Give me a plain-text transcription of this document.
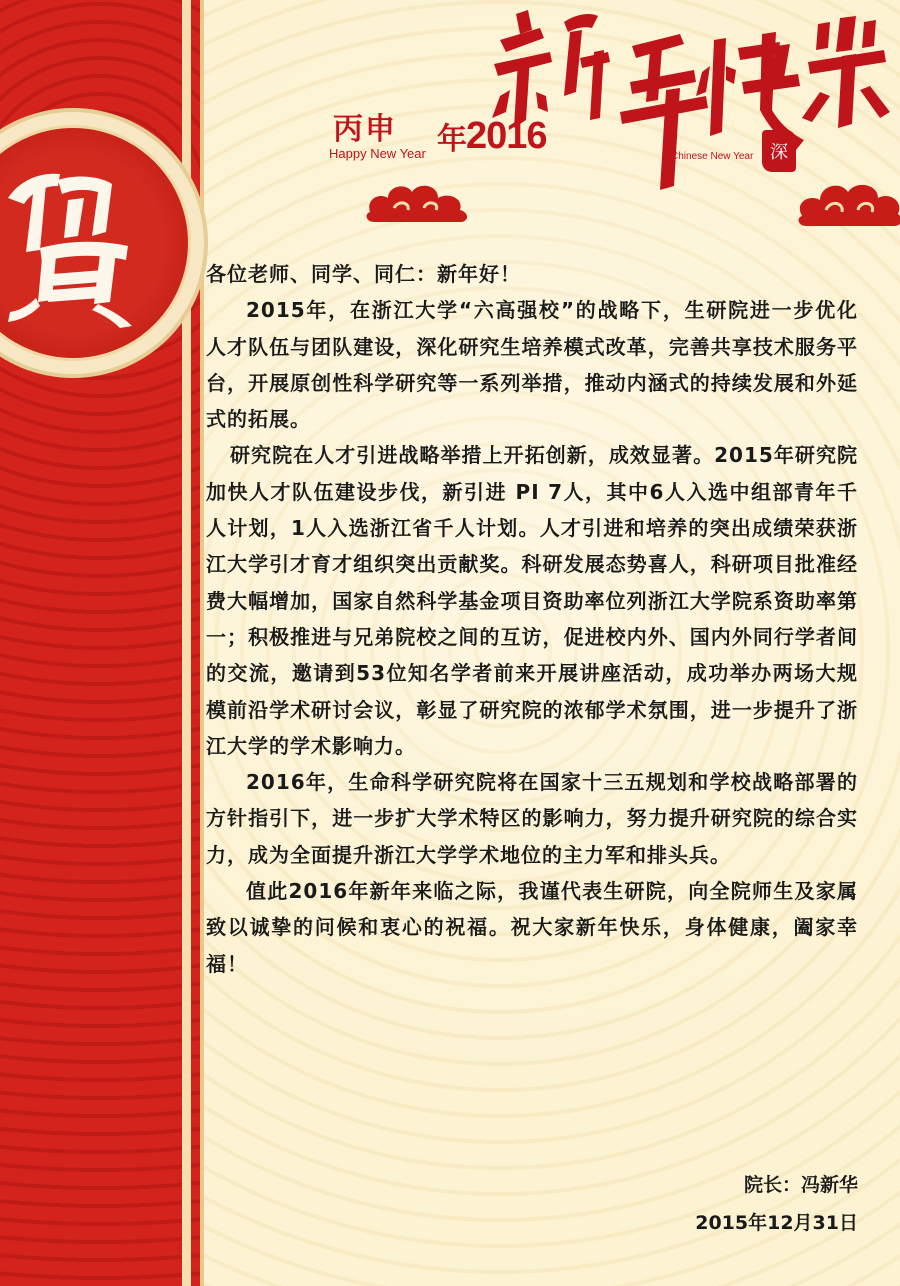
丙申
Happy New Year 年 2016	Chinese New Year 深

各位老师、同学、同仁：新年好！

2015年，在浙江大学“六高强校”的战略下，生研院进一步优化人才队伍与团队建设，深化研究生培养模式改革，完善共享技术服务平台，开展原创性科学研究等一系列举措，推动内涵式的持续发展和外延式的拓展。

研究院在人才引进战略举措上开拓创新，成效显著。2015年研究院加快人才队伍建设步伐，新引进 PI 7人，其中6人入选中组部青年千人计划，1人入选浙江省千人计划。人才引进和培养的突出成绩荣获浙江大学引才育才组织突出贡献奖。科研发展态势喜人，科研项目批准经费大幅增加，国家自然科学基金项目资助率位列浙江大学院系资助率第一；积极推进与兄弟院校之间的互访，促进校内外、国内外同行学者间的交流，邀请到53位知名学者前来开展讲座活动，成功举办两场大规模前沿学术研讨会议，彰显了研究院的浓郁学术氛围，进一步提升了浙江大学的学术影响力。

2016年，生命科学研究院将在国家十三五规划和学校战略部署的方针指引下，进一步扩大学术特区的影响力，努力提升研究院的综合实力，成为全面提升浙江大学学术地位的主力军和排头兵。

值此2016年新年来临之际，我谨代表生研院，向全院师生及家属致以诚挚的问候和衷心的祝福。祝大家新年快乐，身体健康，阖家幸福！

院长：冯新华
2015年12月31日
